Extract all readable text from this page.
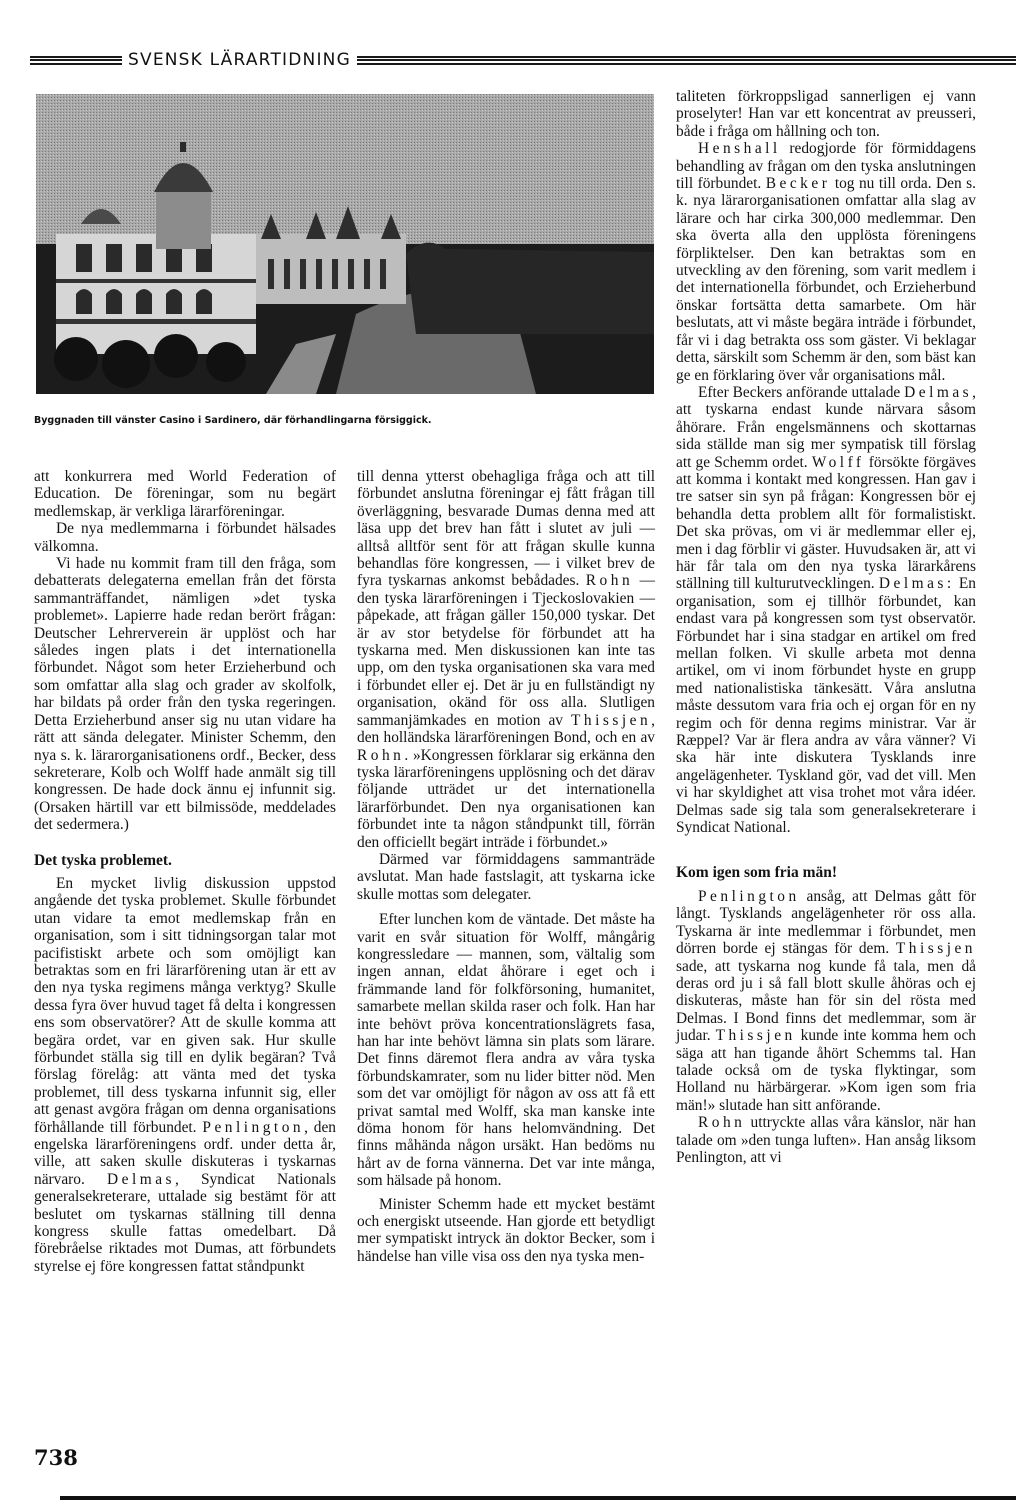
SVENSK LÄRARTIDNING
Byggnaden till vänster Casino i Sardinero, där förhandlingarna försiggick.

att konkurrera med World Federation of Education. De föreningar, som nu begärt medlemskap, är verkliga lärarföreningar.

De nya medlemmarna i förbundet hälsades välkomna.

Vi hade nu kommit fram till den fråga, som debatterats delegaterna emellan från det första sammanträffandet, nämligen »det tyska problemet». Lapierre hade redan berört frågan: Deutscher Lehrerverein är upplöst och har således ingen plats i det internationella förbundet. Något som heter Erzieherbund och som omfattar alla slag och grader av skolfolk, har bildats på order från den tyska regeringen. Detta Erzieherbund anser sig nu utan vidare ha rätt att sända delegater. Minister Schemm, den nya s. k. lärarorganisationens ordf., Becker, dess sekreterare, Kolb och Wolff hade anmält sig till kongressen. De hade dock ännu ej infunnit sig. (Orsaken härtill var ett bilmissöde, meddelades det sedermera.)

Det tyska problemet.

En mycket livlig diskussion uppstod angående det tyska problemet. Skulle förbundet utan vidare ta emot medlemskap från en organisation, som i sitt tidningsorgan talar mot pacifistiskt arbete och som omöjligt kan betraktas som en fri lärarförening utan är ett av den nya tyska regimens många verktyg? Skulle dessa fyra över huvud taget få delta i kongressen ens som observatörer? Att de skulle komma att begära ordet, var en given sak. Hur skulle förbundet ställa sig till en dylik begäran? Två förslag förelåg: att vänta med det tyska problemet, till dess tyskarna infunnit sig, eller att genast avgöra frågan om denna organisations förhållande till förbundet. Penlington, den engelska lärarföreningens ordf. under detta år, ville, att saken skulle diskuteras i tyskarnas närvaro. Delmas, Syndicat Nationals generalsekreterare, uttalade sig bestämt för att beslutet om tyskarnas ställning till denna kongress skulle fattas omedelbart. Då förebråelse riktades mot Dumas, att förbundets styrelse ej före kongressen fattat ståndpunkt

till denna ytterst obehagliga fråga och att till förbundet anslutna föreningar ej fått frågan till överläggning, besvarade Dumas denna med att läsa upp det brev han fått i slutet av juli — alltså alltför sent för att frågan skulle kunna behandlas före kongressen, — i vilket brev de fyra tyskarnas ankomst bebådades. Rohn — den tyska lärarföreningen i Tjeckoslovakien — påpekade, att frågan gäller 150,000 tyskar. Det är av stor betydelse för förbundet att ha tyskarna med. Men diskussionen kan inte tas upp, om den tyska organisationen ska vara med i förbundet eller ej. Det är ju en fullständigt ny organisation, okänd för oss alla. Slutligen sammanjämkades en motion av Thissjen, den holländska lärarföreningen Bond, och en av Rohn. »Kongressen förklarar sig erkänna den tyska lärarföreningens upplösning och det därav följande utträdet ur det internationella lärarförbundet. Den nya organisationen kan förbundet inte ta någon ståndpunkt till, förrän den officiellt begärt inträde i förbundet.»

Därmed var förmiddagens sammanträde avslutat. Man hade fastslagit, att tyskarna icke skulle mottas som delegater.

Efter lunchen kom de väntade. Det måste ha varit en svår situation för Wolff, mångårig kongressledare — mannen, som, vältalig som ingen annan, eldat åhörare i eget och i främmande land för folkförsoning, humanitet, samarbete mellan skilda raser och folk. Han har inte behövt pröva koncentrationslägrets fasa, han har inte behövt lämna sin plats som lärare. Det finns däremot flera andra av våra tyska förbundskamrater, som nu lider bitter nöd. Men som det var omöjligt för någon av oss att få ett privat samtal med Wolff, ska man kanske inte döma honom för hans helomvändning. Det finns måhända någon ursäkt. Han bedöms nu hårt av de forna vännerna. Det var inte många, som hälsade på honom.

Minister Schemm hade ett mycket bestämt och energiskt utseende. Han gjorde ett betydligt mer sympatiskt intryck än doktor Becker, som i händelse han ville visa oss den nya tyska men-

taliteten förkroppsligad sannerligen ej vann proselyter! Han var ett koncentrat av preusseri, både i fråga om hållning och ton.

Henshall redogjorde för förmiddagens behandling av frågan om den tyska anslutningen till förbundet. Becker tog nu till orda. Den s. k. nya lärarorganisationen omfattar alla slag av lärare och har cirka 300,000 medlemmar. Den ska överta alla den upplösta föreningens förpliktelser. Den kan betraktas som en utveckling av den förening, som varit medlem i det internationella förbundet, och Erzieherbund önskar fortsätta detta samarbete. Om här beslutats, att vi måste begära inträde i förbundet, får vi i dag betrakta oss som gäster. Vi beklagar detta, särskilt som Schemm är den, som bäst kan ge en förklaring över vår organisations mål.

Efter Beckers anförande uttalade Delmas, att tyskarna endast kunde närvara såsom åhörare. Från engelsmännens och skottarnas sida ställde man sig mer sympatisk till förslag att ge Schemm ordet. Wolff försökte förgäves att komma i kontakt med kongressen. Han gav i tre satser sin syn på frågan: Kongressen bör ej behandla detta problem allt för formalistiskt. Det ska prövas, om vi är medlemmar eller ej, men i dag förblir vi gäster. Huvudsaken är, att vi här får tala om den nya tyska lärarkårens ställning till kulturutvecklingen. Delmas: En organisation, som ej tillhör förbundet, kan endast vara på kongressen som tyst observatör. Förbundet har i sina stadgar en artikel om fred mellan folken. Vi skulle arbeta mot denna artikel, om vi inom förbundet hyste en grupp med nationalistiska tänkesätt. Våra anslutna måste dessutom vara fria och ej organ för en ny regim och för denna regims ministrar. Var är Ræppel? Var är flera andra av våra vänner? Vi ska här inte diskutera Tysklands inre angelägenheter. Tyskland gör, vad det vill. Men vi har skyldighet att visa trohet mot våra idéer. Delmas sade sig tala som generalsekreterare i Syndicat National.

Kom igen som fria män!

Penlington ansåg, att Delmas gått för långt. Tysklands angelägenheter rör oss alla. Tyskarna är inte medlemmar i förbundet, men dörren borde ej stängas för dem. Thissjen sade, att tyskarna nog kunde få tala, men då deras ord ju i så fall blott skulle åhöras och ej diskuteras, måste han för sin del rösta med Delmas. I Bond finns det medlemmar, som är judar. Thissjen kunde inte komma hem och säga att han tigande åhört Schemms tal. Han talade också om de tyska flyktingar, som Holland nu härbärgerar. »Kom igen som fria män!» slutade han sitt anförande.

Rohn uttryckte allas våra känslor, när han talade om »den tunga luften». Han ansåg liksom Penlington, att vi

738
